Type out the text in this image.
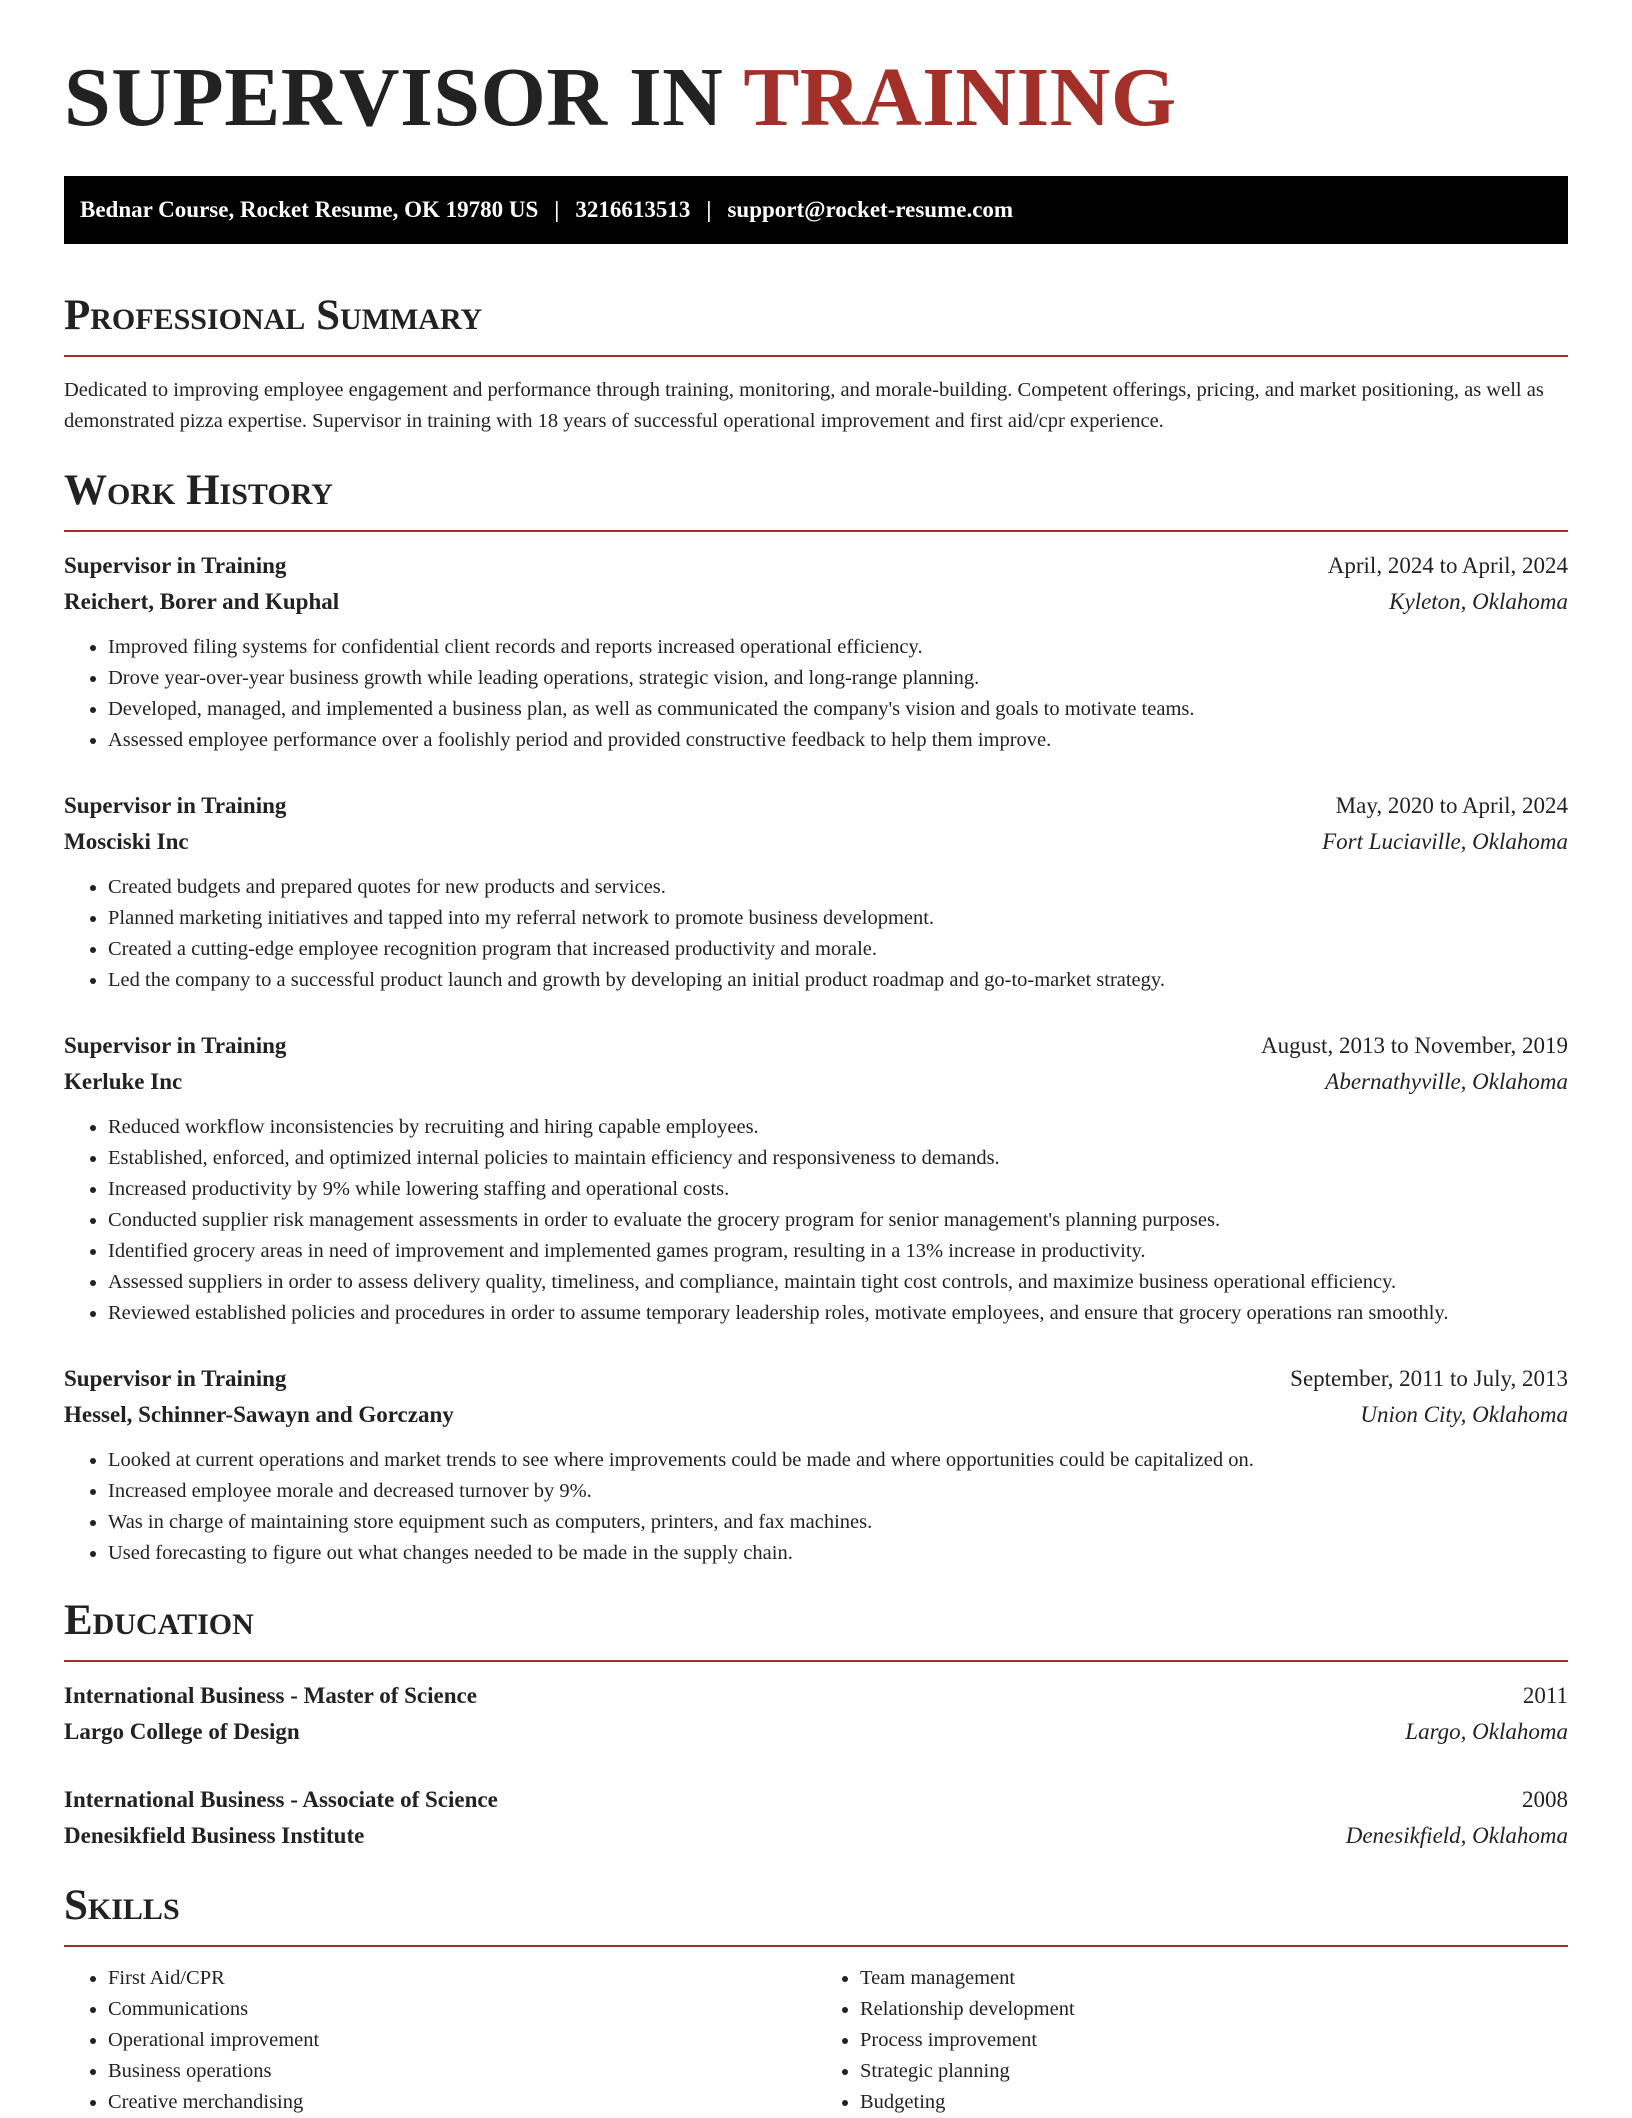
SUPERVISOR IN TRAINING
Bednar Course, Rocket Resume, OK 19780 US | 3216613513 | support@rocket-resume.com
Professional Summary

Dedicated to improving employee engagement and performance through training, monitoring, and morale-building. Competent offerings, pricing, and market positioning, as well as demonstrated pizza expertise. Supervisor in training with 18 years of successful operational improvement and first aid/cpr experience.

Work History
Supervisor in Training	April, 2024 to April, 2024
Reichert, Borer and Kuphal	Kyleton, Oklahoma
• Improved filing systems for confidential client records and reports increased operational efficiency.
• Drove year-over-year business growth while leading operations, strategic vision, and long-range planning.
• Developed, managed, and implemented a business plan, as well as communicated the company's vision and goals to motivate teams.
• Assessed employee performance over a foolishly period and provided constructive feedback to help them improve.
Supervisor in Training	May, 2020 to April, 2024
Mosciski Inc	Fort Luciaville, Oklahoma
• Created budgets and prepared quotes for new products and services.
• Planned marketing initiatives and tapped into my referral network to promote business development.
• Created a cutting-edge employee recognition program that increased productivity and morale.
• Led the company to a successful product launch and growth by developing an initial product roadmap and go-to-market strategy.
Supervisor in Training	August, 2013 to November, 2019
Kerluke Inc	Abernathyville, Oklahoma
• Reduced workflow inconsistencies by recruiting and hiring capable employees.
• Established, enforced, and optimized internal policies to maintain efficiency and responsiveness to demands.
• Increased productivity by 9% while lowering staffing and operational costs.
• Conducted supplier risk management assessments in order to evaluate the grocery program for senior management's planning purposes.
• Identified grocery areas in need of improvement and implemented games program, resulting in a 13% increase in productivity.
• Assessed suppliers in order to assess delivery quality, timeliness, and compliance, maintain tight cost controls, and maximize business operational efficiency.
• Reviewed established policies and procedures in order to assume temporary leadership roles, motivate employees, and ensure that grocery operations ran smoothly.
Supervisor in Training	September, 2011 to July, 2013
Hessel, Schinner-Sawayn and Gorczany	Union City, Oklahoma
• Looked at current operations and market trends to see where improvements could be made and where opportunities could be capitalized on.
• Increased employee morale and decreased turnover by 9%.
• Was in charge of maintaining store equipment such as computers, printers, and fax machines.
• Used forecasting to figure out what changes needed to be made in the supply chain.
Education
International Business - Master of Science	2011
Largo College of Design	Largo, Oklahoma
International Business - Associate of Science	2008
Denesikfield Business Institute	Denesikfield, Oklahoma
Skills
• First Aid/CPR
• Communications
• Operational improvement
• Business operations
• Creative merchandising
• Team management
• Relationship development
• Process improvement
• Strategic planning
• Budgeting
